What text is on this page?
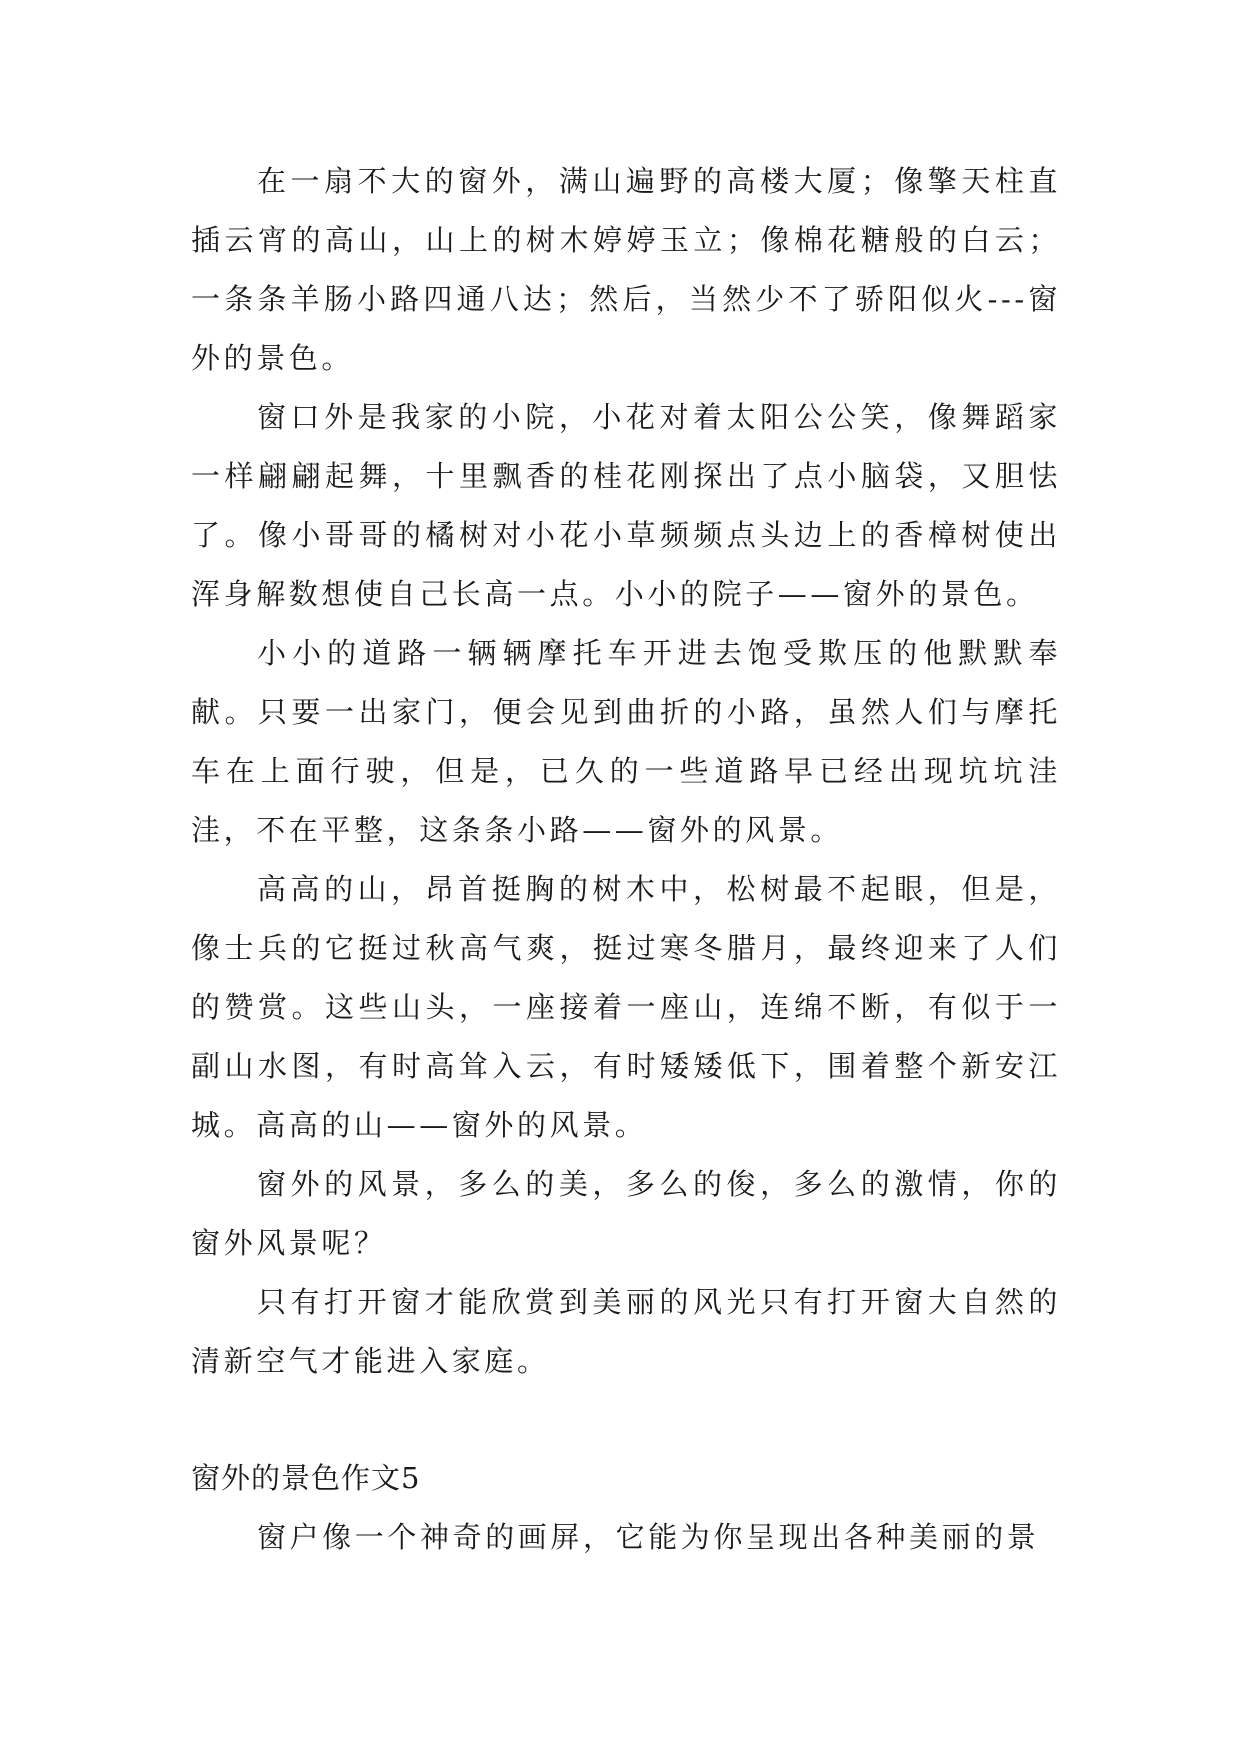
在一扇不大的窗外，满山遍野的高楼大厦；像擎天柱直插云宵的高山，山上的树木婷婷玉立；像棉花糖般的白云；一条条羊肠小路四通八达；然后，当然少不了骄阳似火---窗外的景色。

窗口外是我家的小院，小花对着太阳公公笑，像舞蹈家一样翩翩起舞，十里飘香的桂花刚探出了点小脑袋，又胆怯了。像小哥哥的橘树对小花小草频频点头边上的香樟树使出浑身解数想使自己长高一点。小小的院子——窗外的景色。

小小的道路一辆辆摩托车开进去饱受欺压的他默默奉献。只要一出家门，便会见到曲折的小路，虽然人们与摩托车在上面行驶，但是，已久的一些道路早已经出现坑坑洼洼，不在平整，这条条小路——窗外的风景。

高高的山，昂首挺胸的树木中，松树最不起眼，但是，像士兵的它挺过秋高气爽，挺过寒冬腊月，最终迎来了人们的赞赏。这些山头，一座接着一座山，连绵不断，有似于一副山水图，有时高耸入云，有时矮矮低下，围着整个新安江城。高高的山——窗外的风景。

窗外的风景，多么的美，多么的俊，多么的激情，你的窗外风景呢？

只有打开窗才能欣赏到美丽的风光只有打开窗大自然的清新空气才能进入家庭。

窗外的景色作文5

窗户像一个神奇的画屏，它能为你呈现出各种美丽的景
